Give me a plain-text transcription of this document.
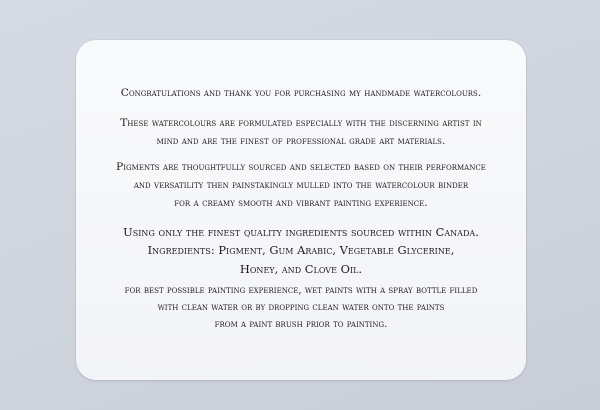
Congratulations and thank you for purchasing my handmade watercolours.

These watercolours are formulated especially with the discerning artist in
mind and are the finest of professional grade art materials.

Pigments are thoughtfully sourced and selected based on their performance
and versatility then painstakingly mulled into the watercolour binder
for a creamy smooth and vibrant painting experience.

Using only the finest quality ingredients sourced within Canada.
Ingredients: Pigment, Gum Arabic, Vegetable Glycerine,
Honey, and Clove Oil.

for best possible painting experience, wet paints with a spray bottle filled
with clean water or by dropping clean water onto the paints
from a paint brush prior to painting.
